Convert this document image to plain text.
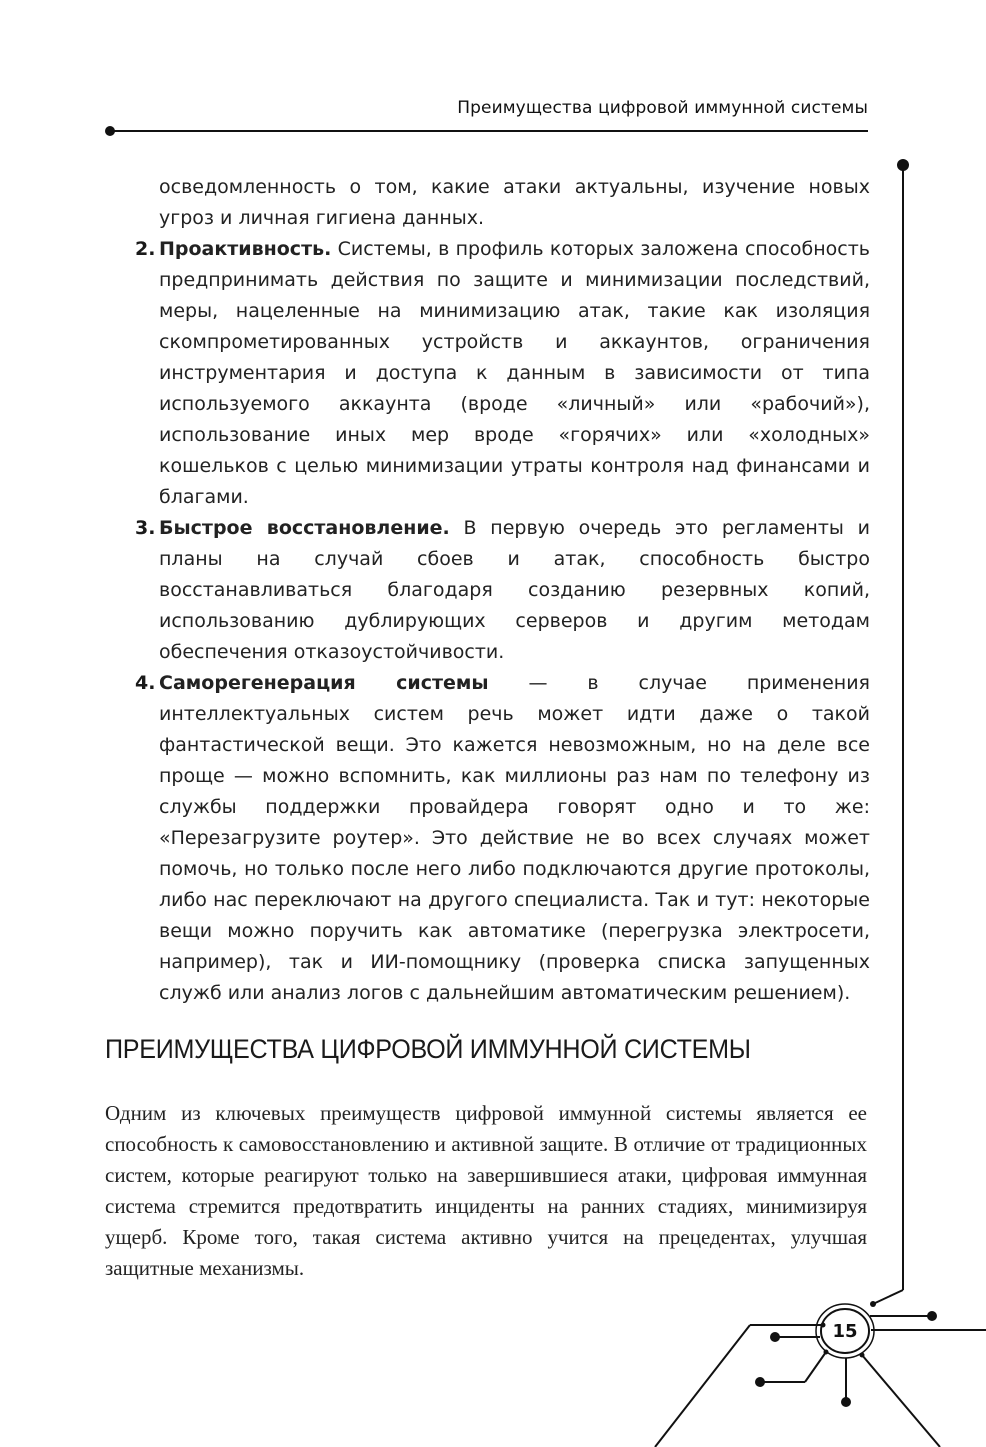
Преимущества цифровой иммунной системы

осведомленность о том, какие атаки актуальны, изучение новых угроз и личная гигиена данных.

2. Проактивность. Системы, в профиль которых заложена способность предпринимать действия по защите и минимизации последствий, меры, нацеленные на минимизацию атак, такие как изоляция скомпрометированных устройств и аккаунтов, ограничения инструментария и доступа к данным в зависимости от типа используемого аккаунта (вроде «личный» или «рабочий»), использование иных мер вроде «горячих» или «холодных» кошельков с целью минимизации утраты контроля над финансами и благами.

3. Быстрое восстановление. В первую очередь это регламенты и планы на случай сбоев и атак, способность быстро восстанавливаться благодаря созданию резервных копий, использованию дублирующих серверов и другим методам обеспечения отказоустойчивости.

4. Саморегенерация системы — в случае применения интеллектуальных систем речь может идти даже о такой фантастической вещи. Это кажется невозможным, но на деле все проще — можно вспомнить, как миллионы раз нам по телефону из службы поддержки провайдера говорят одно и то же: «Перезагрузите роутер». Это действие не во всех случаях может помочь, но только после него либо подключаются другие протоколы, либо нас переключают на другого специалиста. Так и тут: некоторые вещи можно поручить как автоматике (перегрузка электросети, например), так и ИИ-помощнику (проверка списка запущенных служб или анализ логов с дальнейшим автоматическим решением).

ПРЕИМУЩЕСТВА ЦИФРОВОЙ ИММУННОЙ СИСТЕМЫ

Одним из ключевых преимуществ цифровой иммунной системы является ее способность к самовосстановлению и активной защите. В отличие от традиционных систем, которые реагируют только на завершившиеся атаки, цифровая иммунная система стремится предотвратить инциденты на ранних стадиях, минимизируя ущерб. Кроме того, такая система активно учится на прецедентах, улучшая защитные механизмы.

15
